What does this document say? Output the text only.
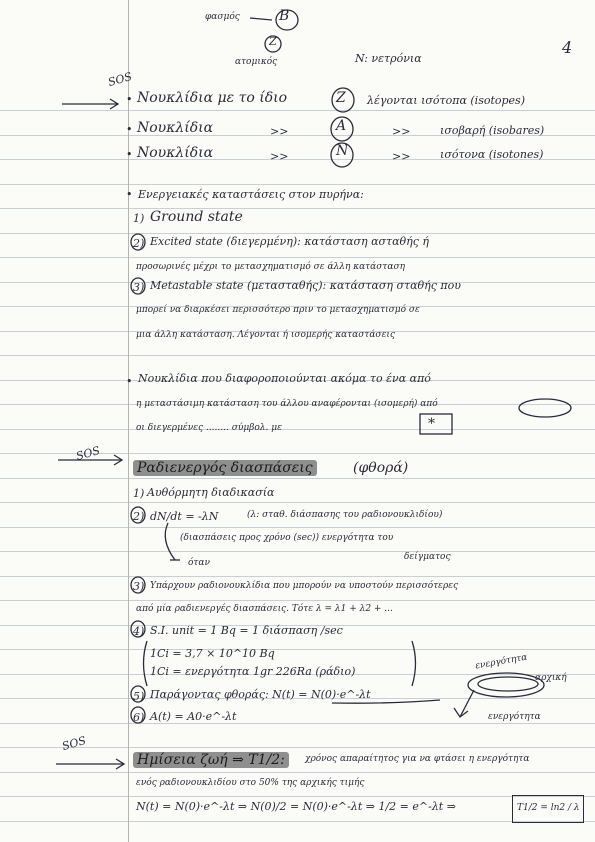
φασμός	B
Z
ατομικός	N: νετρόνια
4
SOS
SOS
SOS
• Νουκλίδια με το ίδιο	Z λέγονται ισότοπα (isotopes)
• Νουκλίδια	>>	A	>>	ισοβαρή (isobares)
• Νουκλίδια	>>	N	>>	ισότονα (isotones)
• Ενεργειακές καταστάσεις στον πυρήνα:
1) Ground state
2) Excited state (διεγερμένη): κατάσταση ασταθής ή
προσωρινές μέχρι το μετασχηματισμό σε άλλη κατάσταση
3) Metastable state (μετασταθής): κατάσταση σταθής που
μπορεί να διαρκέσει περισσότερο πριν το μετασχηματισμό σε
μια άλλη κατάσταση. Λέγονται ή ισομερής καταστάσεις
• Νουκλίδια που διαφοροποιούνται ακόμα το ένα από
η μεταστάσιμη κατάσταση του άλλου αναφέρονται (ισομερή) από
οι διεγερμένες ........ σύμβολ. με	*
Ραδιενεργός διασπάσεις	(φθορά)
1) Αυθόρμητη διαδικασία
2) dN/dt = -λN	(λ: σταθ. διάσπασης του ραδιονουκλιδίου)
(διασπάσεις προς χρόνο (sec)) ενεργότητα του
όταν
δείγματος
3) Υπάρχουν ραδιονουκλίδια που μπορούν να υποστούν περισσότερες
από μία ραδιενεργές διασπάσεις. Τότε λ = λ1 + λ2 + ...
4) S.I. unit = 1 Bq = 1 διάσπαση /sec
1Ci = 3,7 × 10^10 Bq
1Ci = ενεργότητα 1gr 226Ra (ράδιο)
5) Παράγοντας φθοράς: N(t) = N(0)·e^-λt
6) A(t) = A0·e^-λt
ενεργότητα
αρχική
ενεργότητα
Ημίσεια ζωή ⇒ T1/2:	χρόνος απαραίτητος για να φτάσει η ενεργότητα
ενός ραδιονουκλιδίου στο 50% της αρχικής τιμής
N(t) = N(0)·e^-λt ⇒ N(0)/2 = N(0)·e^-λt ⇒ 1/2 = e^-λt ⇒	T1/2 = ln2 / λ
